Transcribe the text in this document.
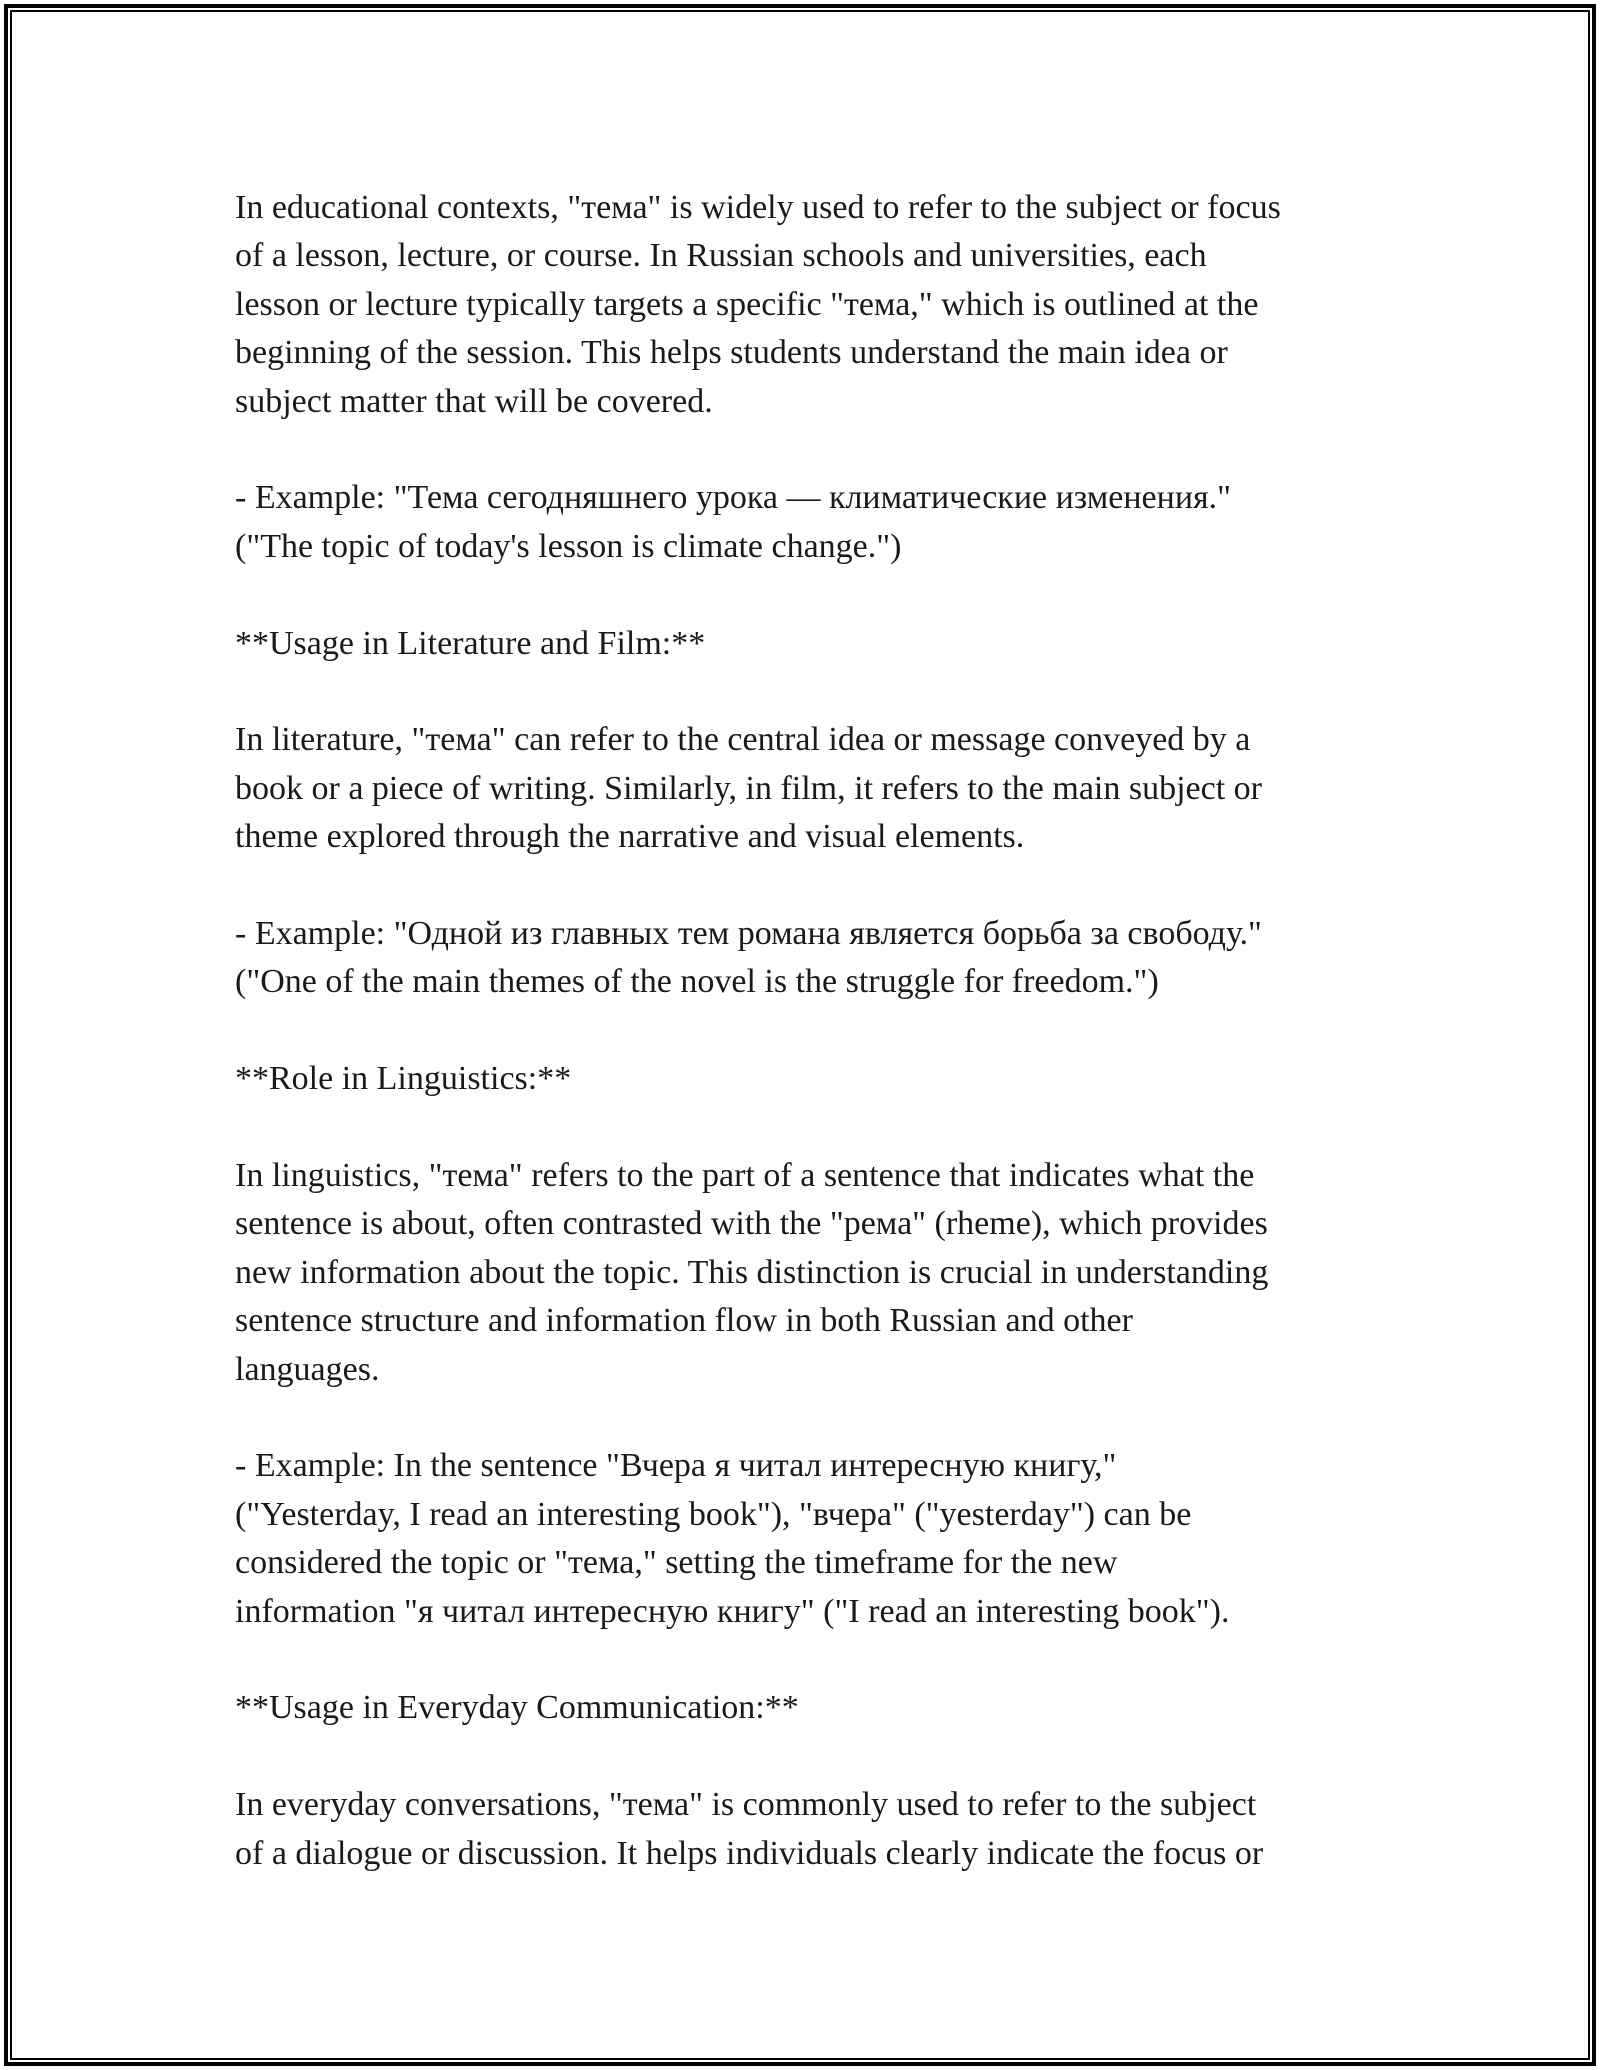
In educational contexts, "тема" is widely used to refer to the subject or focus
of a lesson, lecture, or course. In Russian schools and universities, each
lesson or lecture typically targets a specific "тема," which is outlined at the
beginning of the session. This helps students understand the main idea or
subject matter that will be covered.

- Example: "Тема сегодняшнего урока — климатические изменения."
("The topic of today's lesson is climate change.")

**Usage in Literature and Film:**

In literature, "тема" can refer to the central idea or message conveyed by a
book or a piece of writing. Similarly, in film, it refers to the main subject or
theme explored through the narrative and visual elements.

- Example: "Одной из главных тем романа является борьба за свободу."
("One of the main themes of the novel is the struggle for freedom.")

**Role in Linguistics:**

In linguistics, "тема" refers to the part of a sentence that indicates what the
sentence is about, often contrasted with the "рема" (rheme), which provides
new information about the topic. This distinction is crucial in understanding
sentence structure and information flow in both Russian and other
languages.

- Example: In the sentence "Вчера я читал интересную книгу,"
("Yesterday, I read an interesting book"), "вчера" ("yesterday") can be
considered the topic or "тема," setting the timeframe for the new
information "я читал интересную книгу" ("I read an interesting book").

**Usage in Everyday Communication:**

In everyday conversations, "тема" is commonly used to refer to the subject
of a dialogue or discussion. It helps individuals clearly indicate the focus or
